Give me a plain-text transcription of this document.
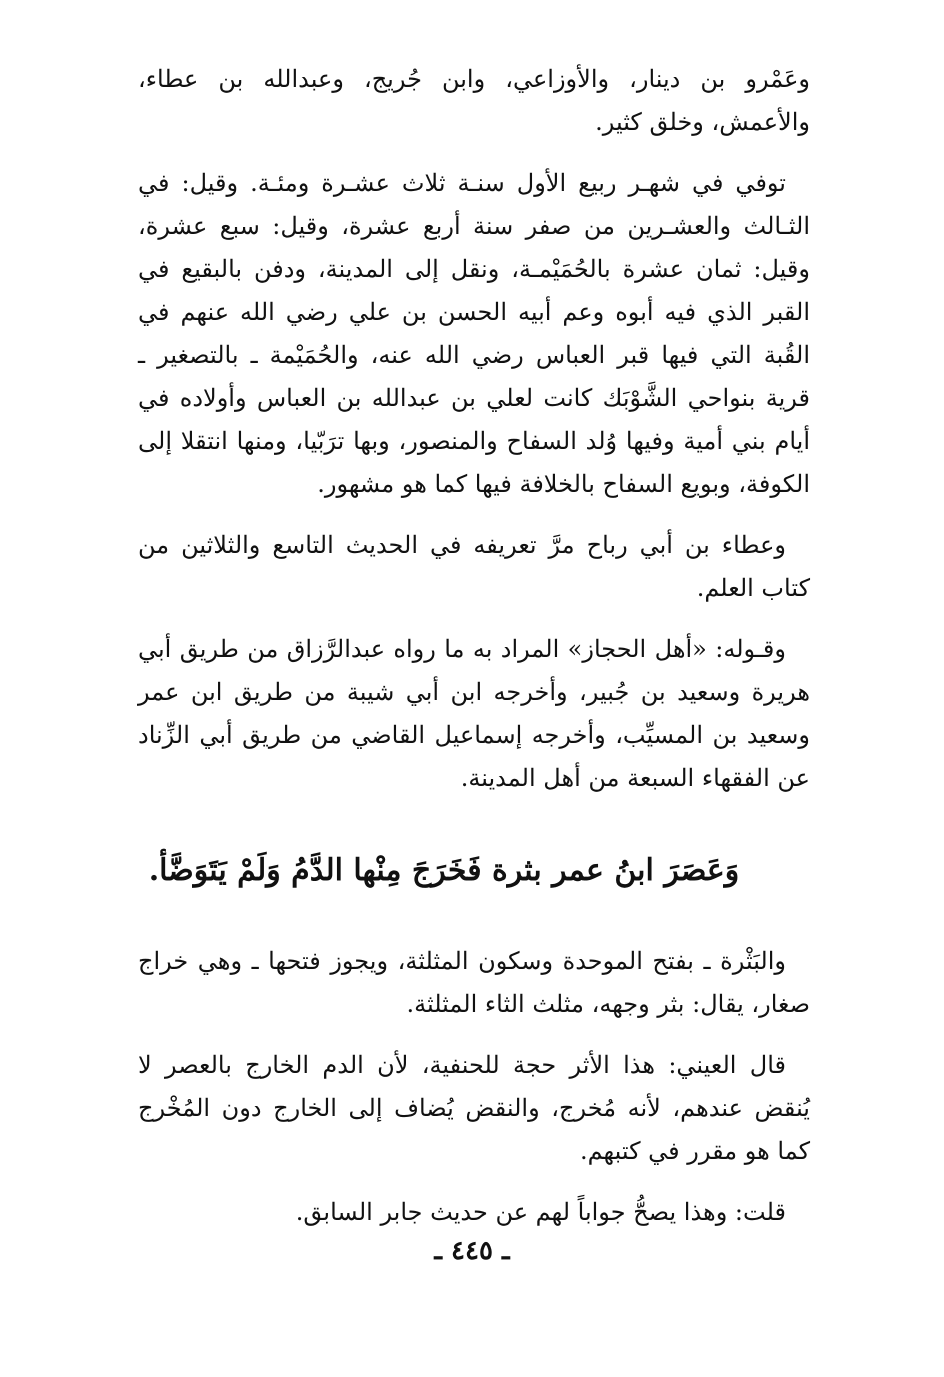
وعَمْرو بن دينار، والأوزاعي، وابن جُريج، وعبدالله بن عطاء، والأعمش، وخلق كثير.

توفي في شهـر ربيع الأول سنـة ثلاث عشـرة ومئـة. وقيل: في الثـالث والعشـرين من صفر سنة أربع عشرة، وقيل: سبع عشرة، وقيل: ثمان عشرة بالحُمَيْمـة، ونقل إلى المدينة، ودفن بالبقيع في القبر الذي فيه أبوه وعم أبيه الحسن بن علي رضي الله عنهم في القُبة التي فيها قبر العباس رضي الله عنه، والحُمَيْمة ـ بالتصغير ـ قرية بنواحي الشَّوْبَك كانت لعلي بن عبدالله بن العباس وأولاده في أيام بني أمية وفيها وُلد السفاح والمنصور، وبها ترَبّيا، ومنها انتقلا إلى الكوفة، وبويع السفاح بالخلافة فيها كما هو مشهور.

وعطاء بن أبي رباح مرَّ تعريفه في الحديث التاسع والثلاثين من كتاب العلم.

وقـوله: «أهل الحجاز» المراد به ما رواه عبدالرَّزاق من طريق أبي هريرة وسعيد بن جُبير، وأخرجه ابن أبي شيبة من طريق ابن عمر وسعيد بن المسيِّب، وأخرجه إسماعيل القاضي من طريق أبي الزِّناد عن الفقهاء السبعة من أهل المدينة.

وَعَصَرَ ابنُ عمر بثرة فَخَرَجَ مِنْها الدَّمُ وَلَمْ يَتَوَضَّأ.

والبَثْرة ـ بفتح الموحدة وسكون المثلثة، ويجوز فتحها ـ وهي خراج صغار، يقال: بثر وجهه، مثلث الثاء المثلثة.

قال العيني: هذا الأثر حجة للحنفية، لأن الدم الخارج بالعصر لا يُنقض عندهم، لأنه مُخرج، والنقض يُضاف إلى الخارج دون المُخْرج كما هو مقرر في كتبهم.

قلت: وهذا يصحُّ جواباً لهم عن حديث جابر السابق.

ـ ٤٤٥ ـ
